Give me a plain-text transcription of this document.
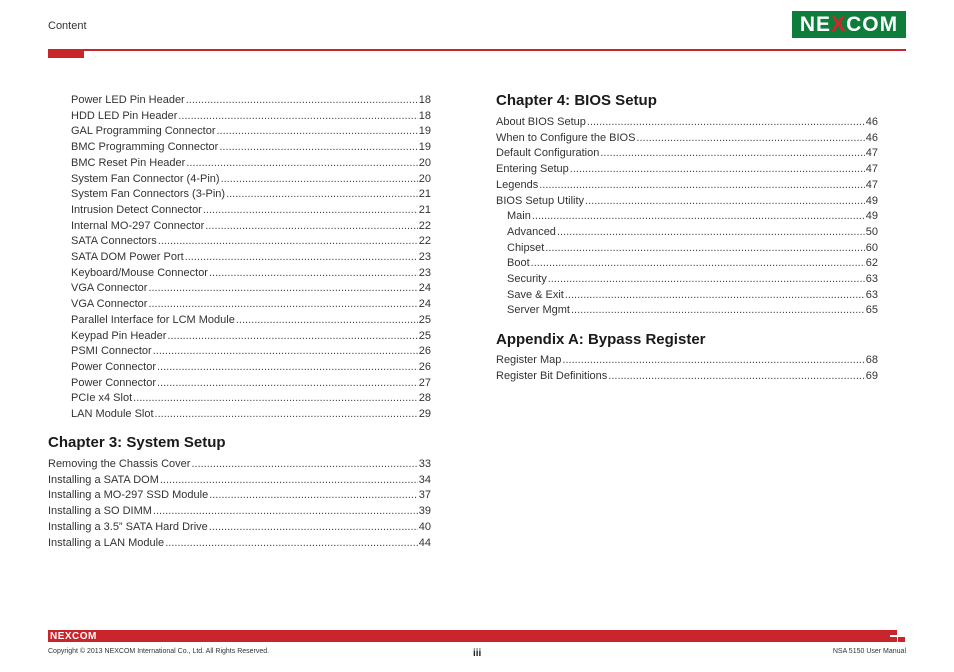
Content	NE X COM
Power LED Pin Header .....	18
HDD LED Pin Header .....	18
GAL Programming Connector .....	19
BMC Programming Connector .....	19
BMC Reset Pin Header .....	20
System Fan Connector (4-Pin) .....	20
System Fan Connectors (3-Pin) .....	21
Intrusion Detect Connector .....	21
Internal MO-297 Connector .....	22
SATA Connectors .....	22
SATA DOM Power Port .....	23
Keyboard/Mouse Connector .....	23
VGA Connector .....	24
VGA Connector .....	24
Parallel Interface for LCM Module .....	25
Keypad Pin Header .....	25
PSMI Connector .....	26
Power Connector .....	26
Power Connector .....	27
PCIe x4 Slot .....	28
LAN Module Slot .....	29
Chapter 3: System Setup
Removing the Chassis Cover .....	33
Installing a SATA DOM .....	34
Installing a MO-297 SSD Module .....	37
Installing a SO DIMM .....	39
Installing a 3.5” SATA Hard Drive .....	40
Installing a LAN Module .....	44
Chapter 4: BIOS Setup
About BIOS Setup .....	46
When to Configure the BIOS .....	46
Default Configuration .....	47
Entering Setup .....	47
Legends .....	47
BIOS Setup Utility .....	49
Main .....	49
Advanced .....	50
Chipset .....	60
Boot .....	62
Security .....	63
Save & Exit .....	63
Server Mgmt .....	65
Appendix A: Bypass Register
Register Map .....	68
Register Bit Definitions .....	69
NEXCOM
Copyright © 2013 NEXCOM International Co., Ltd. All Rights Reserved.	iii	NSA 5150 User Manual
